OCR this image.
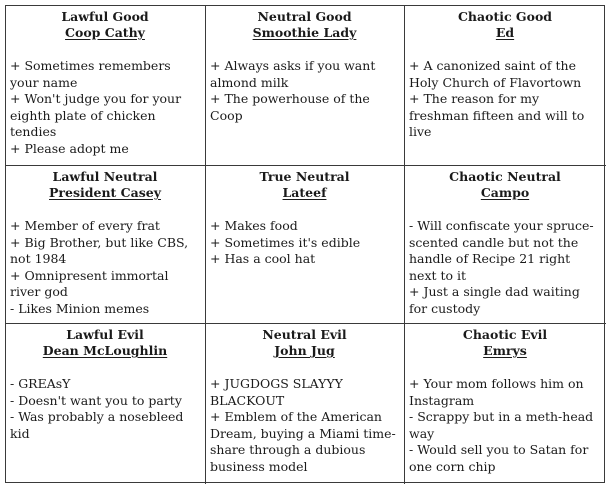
Lawful Good
Coop Cathy
+ Sometimes remembers your name
+ Won't judge you for your eighth plate of chicken tendies
+ Please adopt me
Neutral Good
Smoothie Lady
+ Always asks if you want almond milk
+ The powerhouse of the Coop
Chaotic Good
Ed
+ A canonized saint of the Holy Church of Flavortown
+ The reason for my freshman fifteen and will to live
Lawful Neutral
President Casey
+ Member of every frat
+ Big Brother, but like CBS, not 1984
+ Omnipresent immortal river god
- Likes Minion memes
True Neutral
Lateef
+ Makes food
+ Sometimes it's edible
+ Has a cool hat
Chaotic Neutral
Campo
- Will confiscate your spruce-scented candle but not the handle of Recipe 21 right next to it
+ Just a single dad waiting for custody
Lawful Evil
Dean McLoughlin
- GREAsY
- Doesn't want you to party
- Was probably a nosebleed kid
Neutral Evil
John Jug
+ JUGDOGS SLAYYY BLACKOUT
+ Emblem of the American Dream, buying a Miami time-share through a dubious business model
Chaotic Evil
Emrys
+ Your mom follows him on Instagram
- Scrappy but in a meth-head way
- Would sell you to Satan for one corn chip
